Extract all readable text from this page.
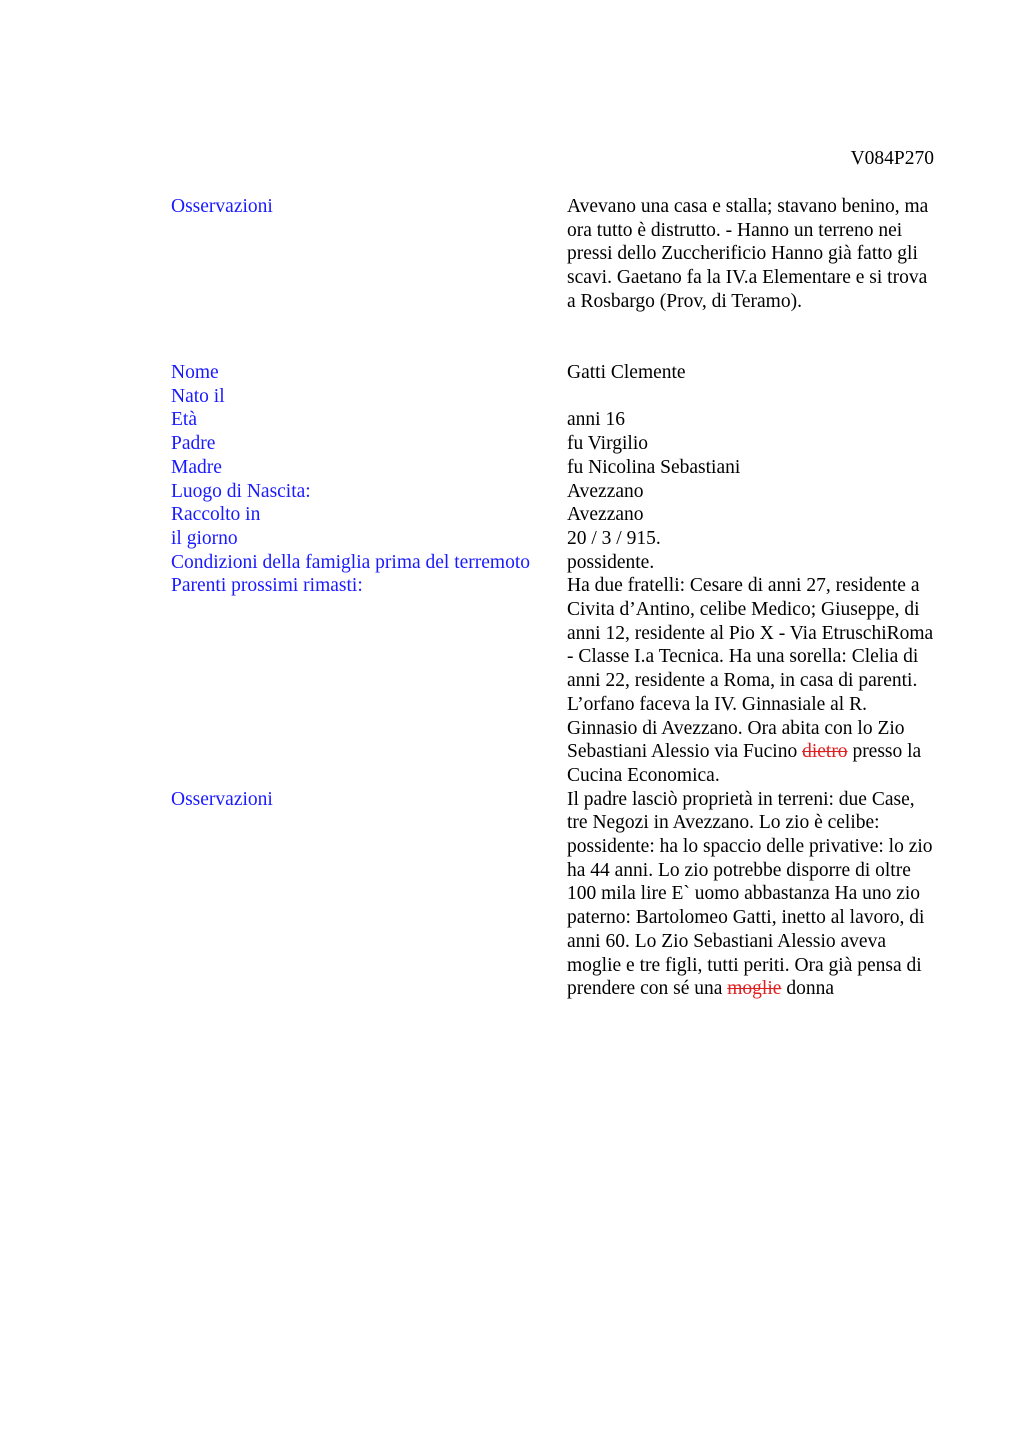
V084P270
Osservazioni	Avevano una casa e stalla; stavano benino, ma ora tutto è distrutto. - Hanno un terreno nei pressi dello Zuccherificio Hanno già fatto gli scavi. Gaetano fa la IV.a Elementare e si trova a Rosbargo (Prov, di Teramo).
Nome	Gatti Clemente
Nato il

Età	anni 16
Padre	fu Virgilio
Madre	fu Nicolina Sebastiani
Luogo di Nascita:	Avezzano
Raccolto in	Avezzano
il giorno	20 / 3 / 915.
Condizioni della famiglia prima del terremoto	possidente.
Parenti prossimi rimasti:	Ha due fratelli: Cesare di anni 27, residente a Civita d’Antino, celibe Medico; Giuseppe, di anni 12, residente al Pio X - Via EtruschiRoma - Classe I.a Tecnica. Ha una sorella: Clelia di anni 22, residente a Roma, in casa di parenti. L’orfano faceva la IV. Ginnasiale al R. Ginnasio di Avezzano. Ora abita con lo Zio Sebastiani Alessio via Fucino dietro presso la Cucina Economica.
Osservazioni	Il padre lasciò proprietà in terreni: due Case, tre Negozi in Avezzano. Lo zio è celibe: possidente: ha lo spaccio delle privative: lo zio ha 44 anni. Lo zio potrebbe disporre di oltre 100 mila lire E` uomo abbastanza Ha uno zio paterno: Bartolomeo Gatti, inetto al lavoro, di anni 60. Lo Zio Sebastiani Alessio aveva moglie e tre figli, tutti periti. Ora già pensa di prendere con sé una moglie donna
